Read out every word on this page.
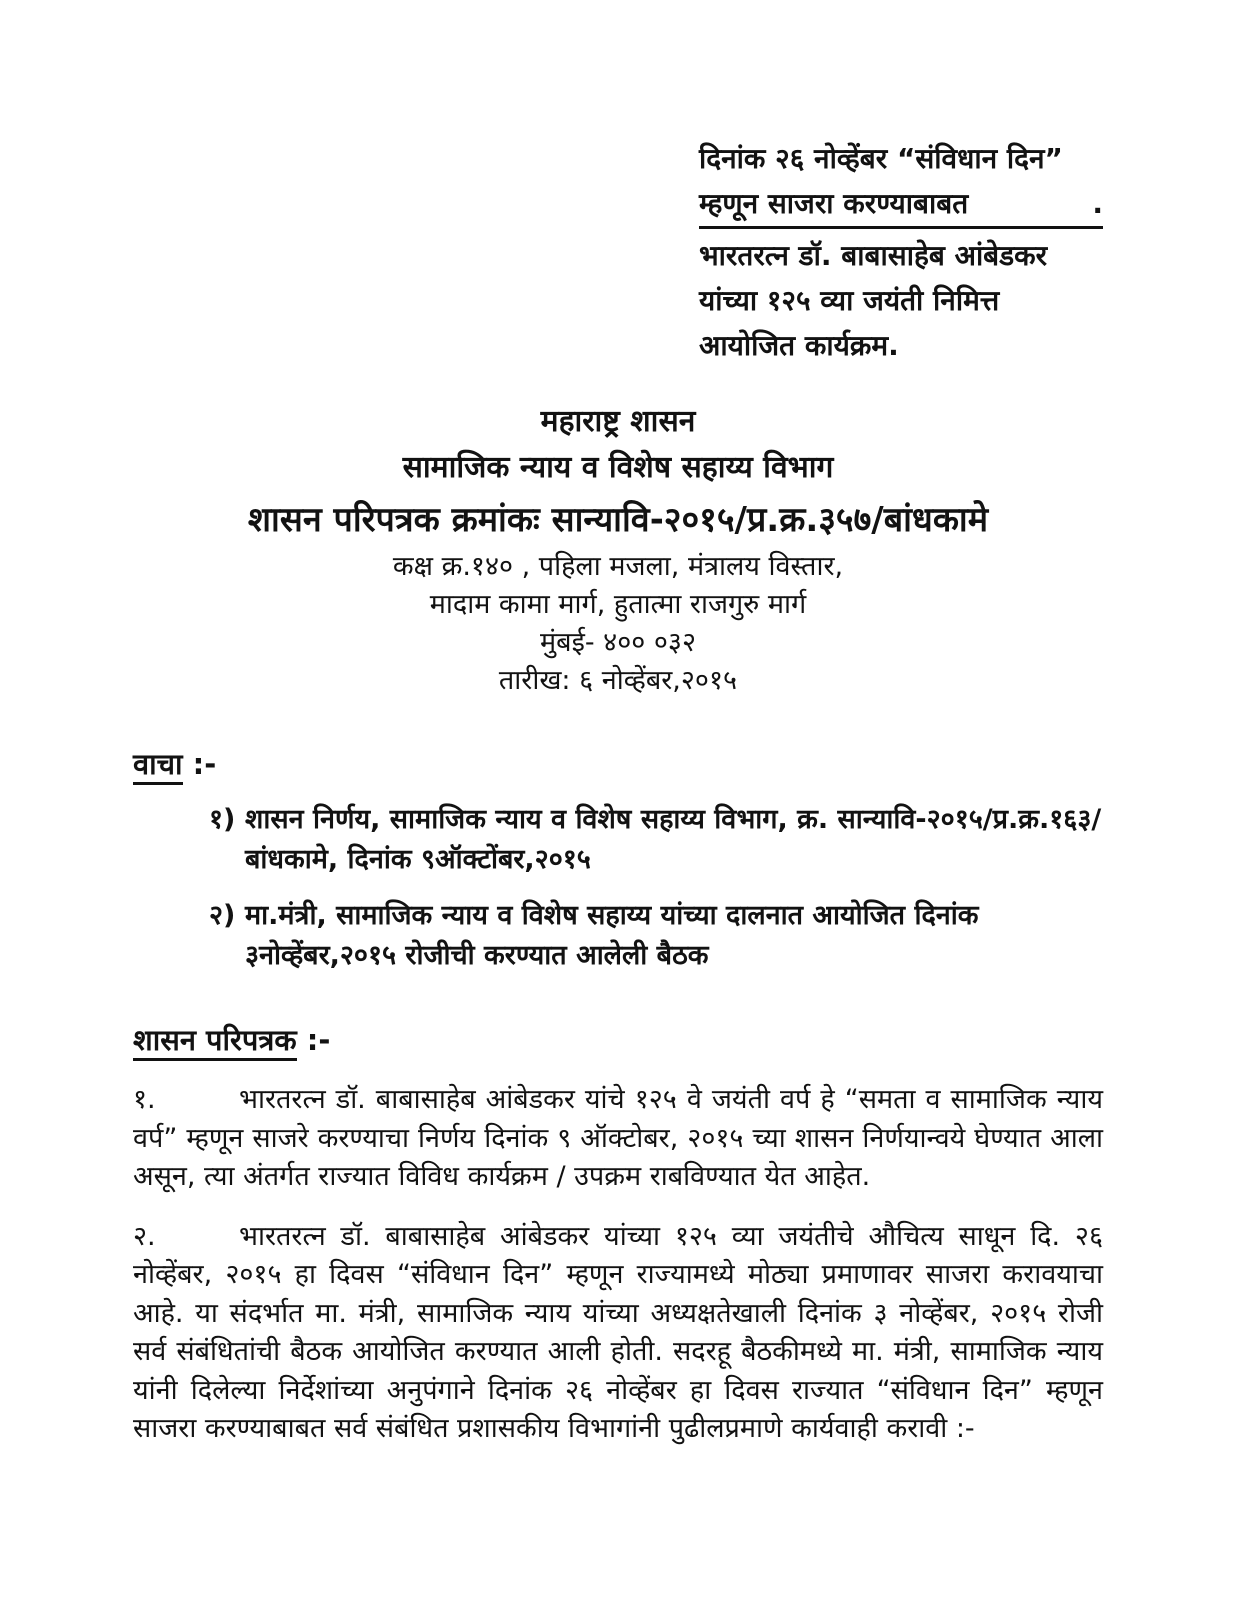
दिनांक २६ नोव्हेंबर “संविधान दिन”
म्हणून साजरा करण्याबाबत	.
भारतरत्न डॉ. बाबासाहेब आंबेडकर
यांच्या १२५ व्या जयंती निमित्त
आयोजित कार्यक्रम.
महाराष्ट्र शासन
सामाजिक न्याय व विशेष सहाय्य विभाग
शासन परिपत्रक क्रमांकः सान्यावि-२०१५/प्र.क्र.३५७/बांधकामे
कक्ष क्र.१४० , पहिला मजला, मंत्रालय विस्तार,
मादाम कामा मार्ग, हुतात्मा राजगुरु मार्ग
मुंबई- ४०० ०३२
तारीख: ६ नोव्हेंबर,२०१५
वाचा :-
१) शासन निर्णय, सामाजिक न्याय व विशेष सहाय्य विभाग, क्र. सान्यावि-२०१५/प्र.क्र.१६३/ बांधकामे, दिनांक ९ऑक्टोंबर,२०१५
२) मा.मंत्री, सामाजिक न्याय व विशेष सहाय्य यांच्या दालनात आयोजित दिनांक ३नोव्हेंबर,२०१५ रोजीची करण्यात आलेली बैठक
शासन परिपत्रक :-
१.	भारतरत्न डॉ. बाबासाहेब आंबेडकर यांचे १२५ वे जयंती वर्प हे “समता व सामाजिक न्याय वर्प” म्हणून साजरे करण्याचा निर्णय दिनांक ९ ऑक्टोबर, २०१५ च्या शासन निर्णयान्वये घेण्यात आला असून, त्या अंतर्गत राज्यात विविध कार्यक्रम / उपक्रम राबविण्यात येत आहेत.
२.	भारतरत्न डॉ. बाबासाहेब आंबेडकर यांच्या १२५ व्या जयंतीचे औचित्य साधून दि. २६ नोव्हेंबर, २०१५ हा दिवस “संविधान दिन” म्हणून राज्यामध्ये मोठ्या प्रमाणावर साजरा करावयाचा आहे. या संदर्भात मा. मंत्री, सामाजिक न्याय यांच्या अध्यक्षतेखाली दिनांक ३ नोव्हेंबर, २०१५ रोजी सर्व संबंधितांची बैठक आयोजित करण्यात आली होती. सदरहू बैठकीमध्ये मा. मंत्री, सामाजिक न्याय यांनी दिलेल्या निर्देशांच्या अनुपंगाने दिनांक २६ नोव्हेंबर हा दिवस राज्यात “संविधान दिन” म्हणून साजरा करण्याबाबत सर्व संबंधित प्रशासकीय विभागांनी पुढीलप्रमाणे कार्यवाही करावी :-
